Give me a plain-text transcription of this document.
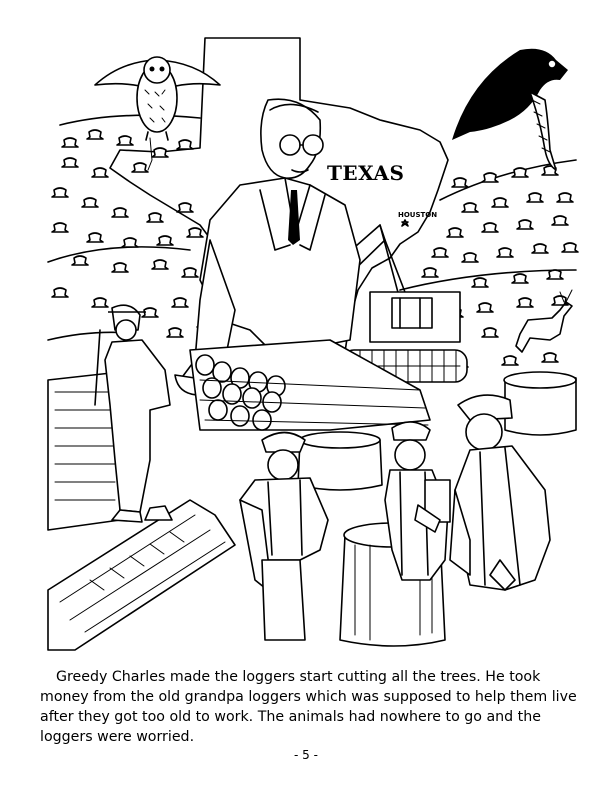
TEXAS
HOUSTON

Greedy Charles made the loggers start cutting all the trees. He took money from the old grandpa loggers which was supposed to help them live after they got too old to work. The animals had nowhere to go and the loggers were worried.

- 5 -
